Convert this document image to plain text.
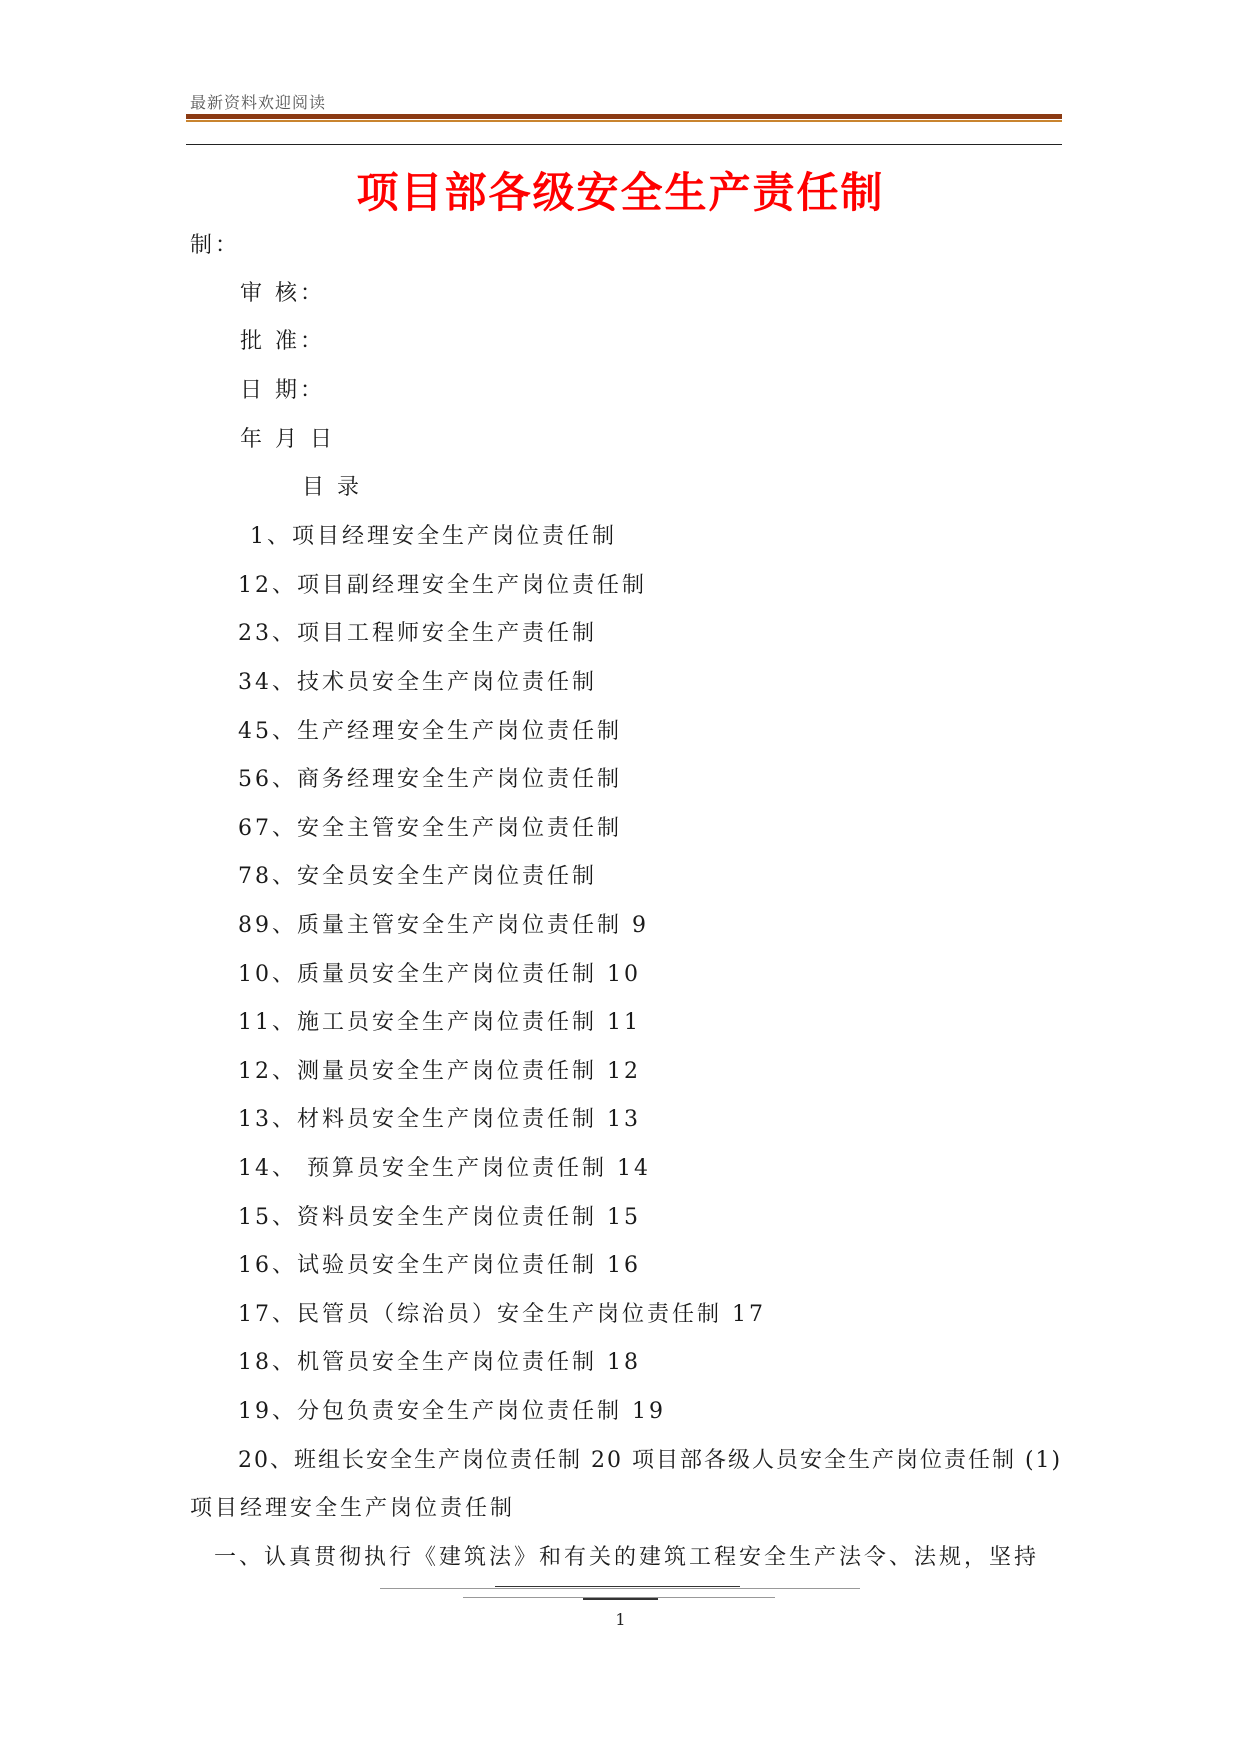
最新资料欢迎阅读
项目部各级安全生产责任制
制：
审 核：
批 准：
日 期：
年 月 日
目 录
1、项目经理安全生产岗位责任制
12、项目副经理安全生产岗位责任制
23、项目工程师安全生产责任制
34、技术员安全生产岗位责任制
45、生产经理安全生产岗位责任制
56、商务经理安全生产岗位责任制
67、安全主管安全生产岗位责任制
78、安全员安全生产岗位责任制
89、质量主管安全生产岗位责任制 9
10、质量员安全生产岗位责任制 10
11、施工员安全生产岗位责任制 11
12、测量员安全生产岗位责任制 12
13、材料员安全生产岗位责任制 13
14、 预算员安全生产岗位责任制 14
15、资料员安全生产岗位责任制 15
16、试验员安全生产岗位责任制 16
17、民管员（综治员）安全生产岗位责任制 17
18、机管员安全生产岗位责任制 18
19、分包负责安全生产岗位责任制 19
20、班组长安全生产岗位责任制 20 项目部各级人员安全生产岗位责任制 (1)
项目经理安全生产岗位责任制
一、认真贯彻执行《建筑法》和有关的建筑工程安全生产法令、法规，坚持
1
